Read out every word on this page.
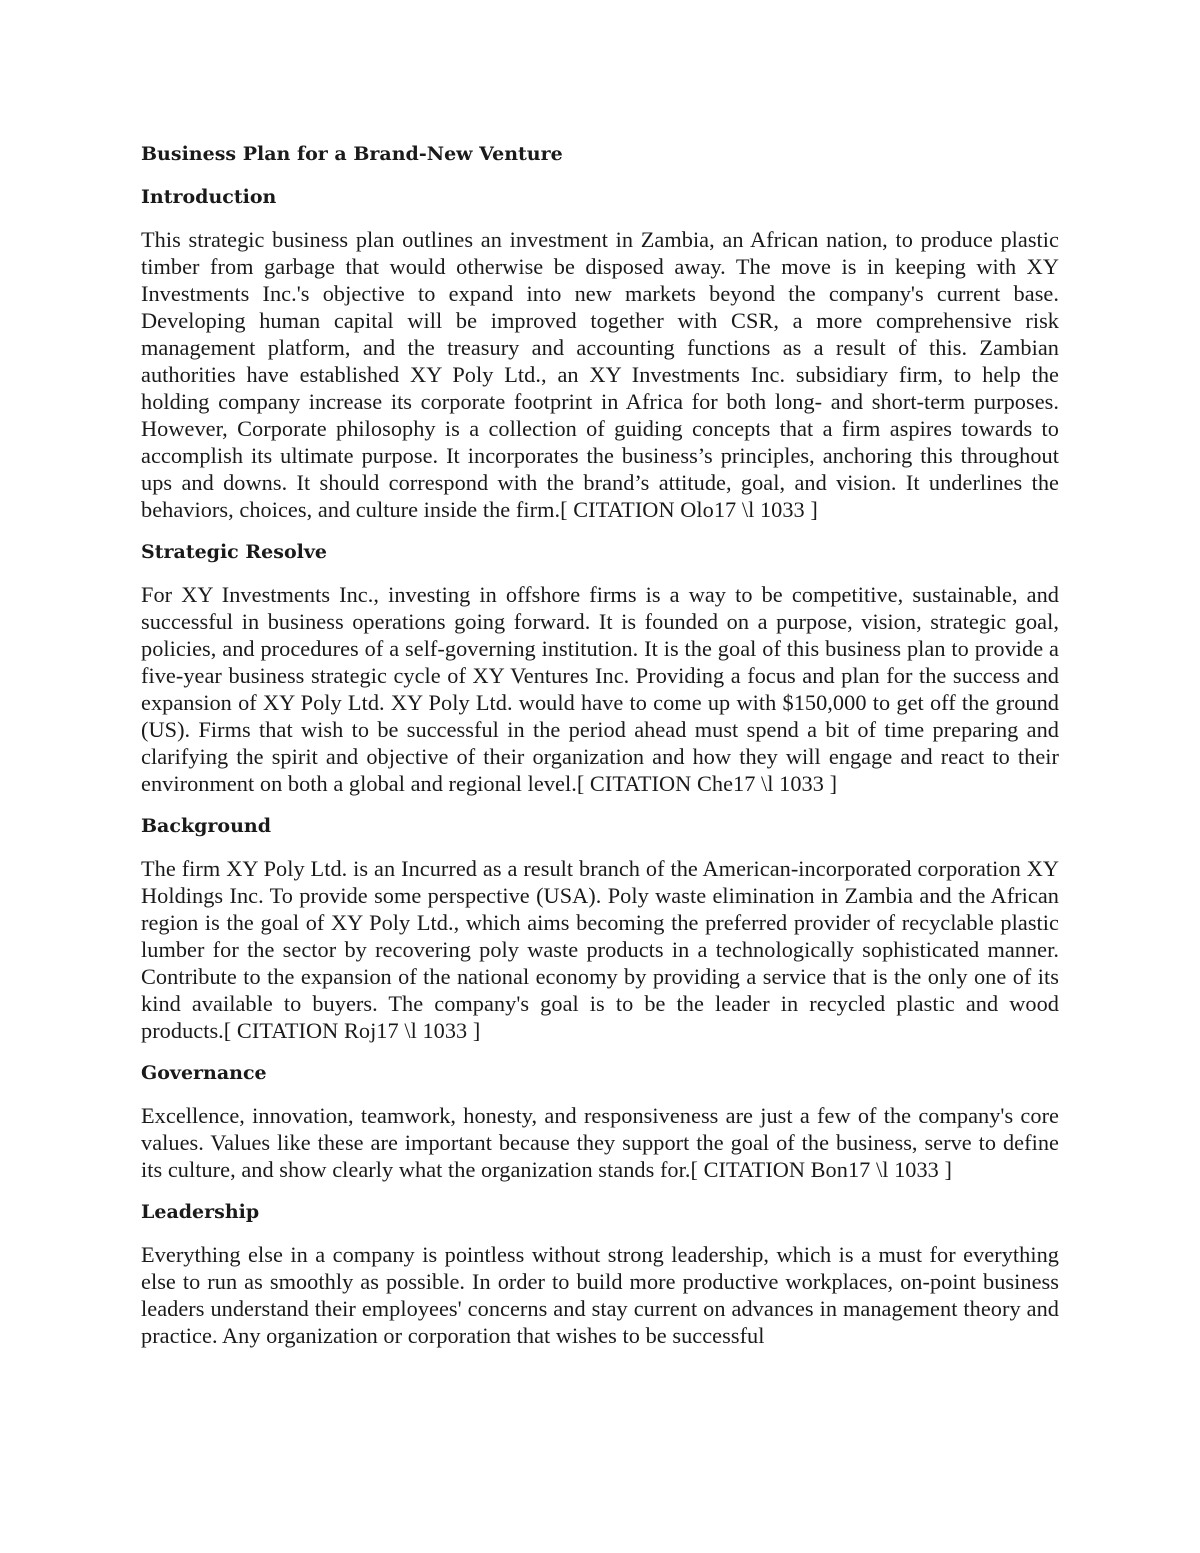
Business Plan for a Brand-New Venture
Introduction
This strategic business plan outlines an investment in Zambia, an African nation, to produce plastic timber from garbage that would otherwise be disposed away. The move is in keeping with XY Investments Inc.'s objective to expand into new markets beyond the company's current base. Developing human capital will be improved together with CSR, a more comprehensive risk management platform, and the treasury and accounting functions as a result of this. Zambian authorities have established XY Poly Ltd., an XY Investments Inc. subsidiary firm, to help the holding company increase its corporate footprint in Africa for both long- and short-term purposes. However, Corporate philosophy is a collection of guiding concepts that a firm aspires towards to accomplish its ultimate purpose. It incorporates the business’s principles, anchoring this throughout ups and downs. It should correspond with the brand’s attitude, goal, and vision. It underlines the behaviors, choices, and culture inside the firm.[ CITATION Olo17 \l 1033 ]
Strategic Resolve
For XY Investments Inc., investing in offshore firms is a way to be competitive, sustainable, and successful in business operations going forward. It is founded on a purpose, vision, strategic goal, policies, and procedures of a self-governing institution. It is the goal of this business plan to provide a five-year business strategic cycle of XY Ventures Inc. Providing a focus and plan for the success and expansion of XY Poly Ltd. XY Poly Ltd. would have to come up with $150,000 to get off the ground (US). Firms that wish to be successful in the period ahead must spend a bit of time preparing and clarifying the spirit and objective of their organization and how they will engage and react to their environment on both a global and regional level.[ CITATION Che17 \l 1033 ]
Background
The firm XY Poly Ltd. is an Incurred as a result branch of the American-incorporated corporation XY Holdings Inc. To provide some perspective (USA). Poly waste elimination in Zambia and the African region is the goal of XY Poly Ltd., which aims becoming the preferred provider of recyclable plastic lumber for the sector by recovering poly waste products in a technologically sophisticated manner. Contribute to the expansion of the national economy by providing a service that is the only one of its kind available to buyers. The company's goal is to be the leader in recycled plastic and wood products.[ CITATION Roj17 \l 1033 ]
Governance
Excellence, innovation, teamwork, honesty, and responsiveness are just a few of the company's core values. Values like these are important because they support the goal of the business, serve to define its culture, and show clearly what the organization stands for.[ CITATION Bon17 \l 1033 ]
Leadership
Everything else in a company is pointless without strong leadership, which is a must for everything else to run as smoothly as possible. In order to build more productive workplaces, on-point business leaders understand their employees' concerns and stay current on advances in management theory and practice. Any organization or corporation that wishes to be successful
